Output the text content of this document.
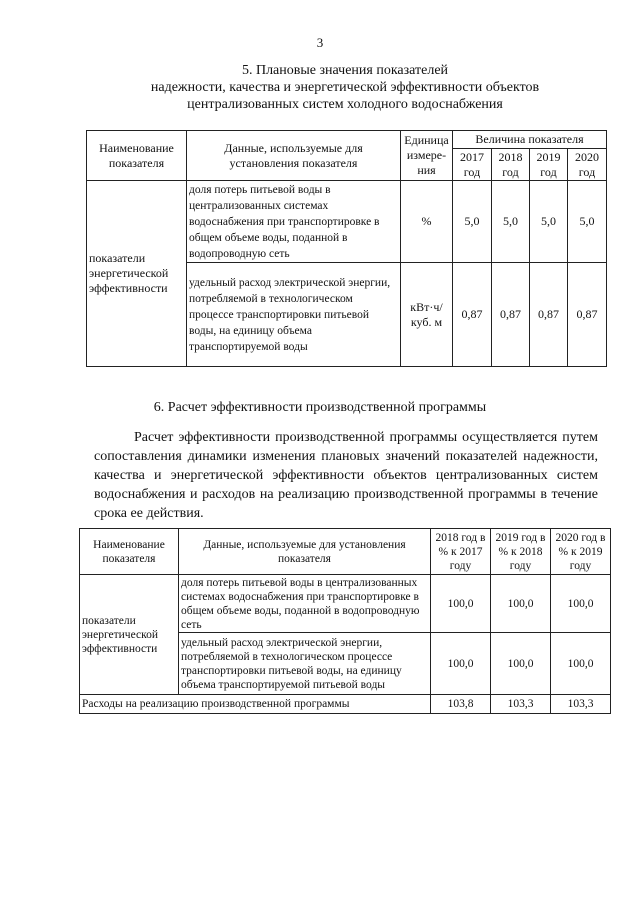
3
5. Плановые значения показателей
надежности, качества и энергетической эффективности объектов
централизованных систем холодного водоснабжения
Наименование показателя	Данные, используемые для установления показателя	Единица измере-ния	Величина показателя			
			2017 год	2018 год	2019 год	2020 год
показатели энергетической эффективности	доля потерь питьевой воды в централизованных системах водоснабжения при транспортировке в общем объеме воды, поданной в водопроводную сеть	%	5,0	5,0	5,0	5,0
	удельный расход электрической энергии, потребляемой в технологическом процессе транспортировки питьевой воды, на единицу объема транспортируемой воды	кВт·ч/ куб. м	0,87	0,87	0,87	0,87
6. Расчет эффективности производственной программы
Расчет эффективности производственной программы осуществляется путем сопоставления динамики изменения плановых значений показателей надежности, качества и энергетической эффективности объектов централизованных систем водоснабжения и расходов на реализацию производственной программы в течение срока ее действия.
Наименование показателя	Данные, используемые для установления показателя	2018 год в % к 2017 году	2019 год в % к 2018 году	2020 год в % к 2019 году
показатели энергетической эффективности	доля потерь питьевой воды в централизованных системах водоснабжения при транспортировке в общем объеме воды, поданной в водопроводную сеть	100,0	100,0	100,0
	удельный расход электрической энергии, потребляемой в технологическом процессе транспортировки питьевой воды, на единицу объема транспортируемой питьевой воды	100,0	100,0	100,0
Расходы на реализацию производственной программы		103,8	103,3	103,3
